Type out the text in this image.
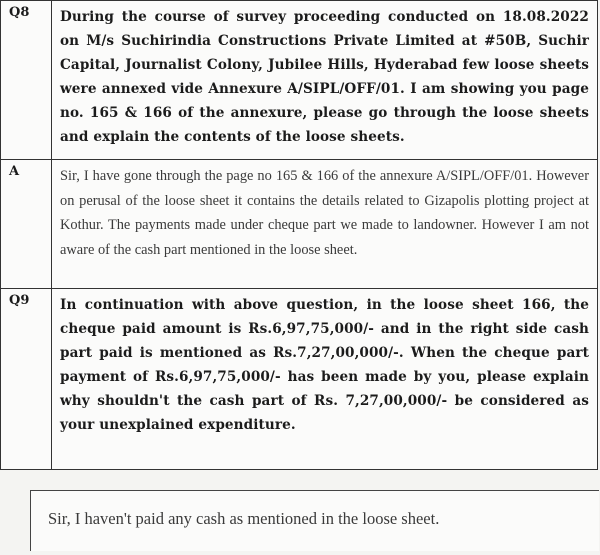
Q8	During the course of survey proceeding conducted on 18.08.2022 on M/s Suchirindia Constructions Private Limited at #50B, Suchir Capital, Journalist Colony, Jubilee Hills, Hyderabad few loose sheets were annexed vide Annexure A/SIPL/OFF/01. I am showing you page no. 165 & 166 of the annexure, please go through the loose sheets and explain the contents of the loose sheets.
A	Sir, I have gone through the page no 165 & 166 of the annexure A/SIPL/OFF/01. However on perusal of the loose sheet it contains the details related to Gizapolis plotting project at Kothur. The payments made under cheque part we made to landowner. However I am not aware of the cash part mentioned in the loose sheet.
Q9	In continuation with above question, in the loose sheet 166, the cheque paid amount is Rs.6,97,75,000/- and in the right side cash part paid is mentioned as Rs.7,27,00,000/-. When the cheque part payment of Rs.6,97,75,000/- has been made by you, please explain why shouldn't the cash part of Rs. 7,27,00,000/- be considered as your unexplained expenditure.
Sir, I haven't paid any cash as mentioned in the loose sheet.
